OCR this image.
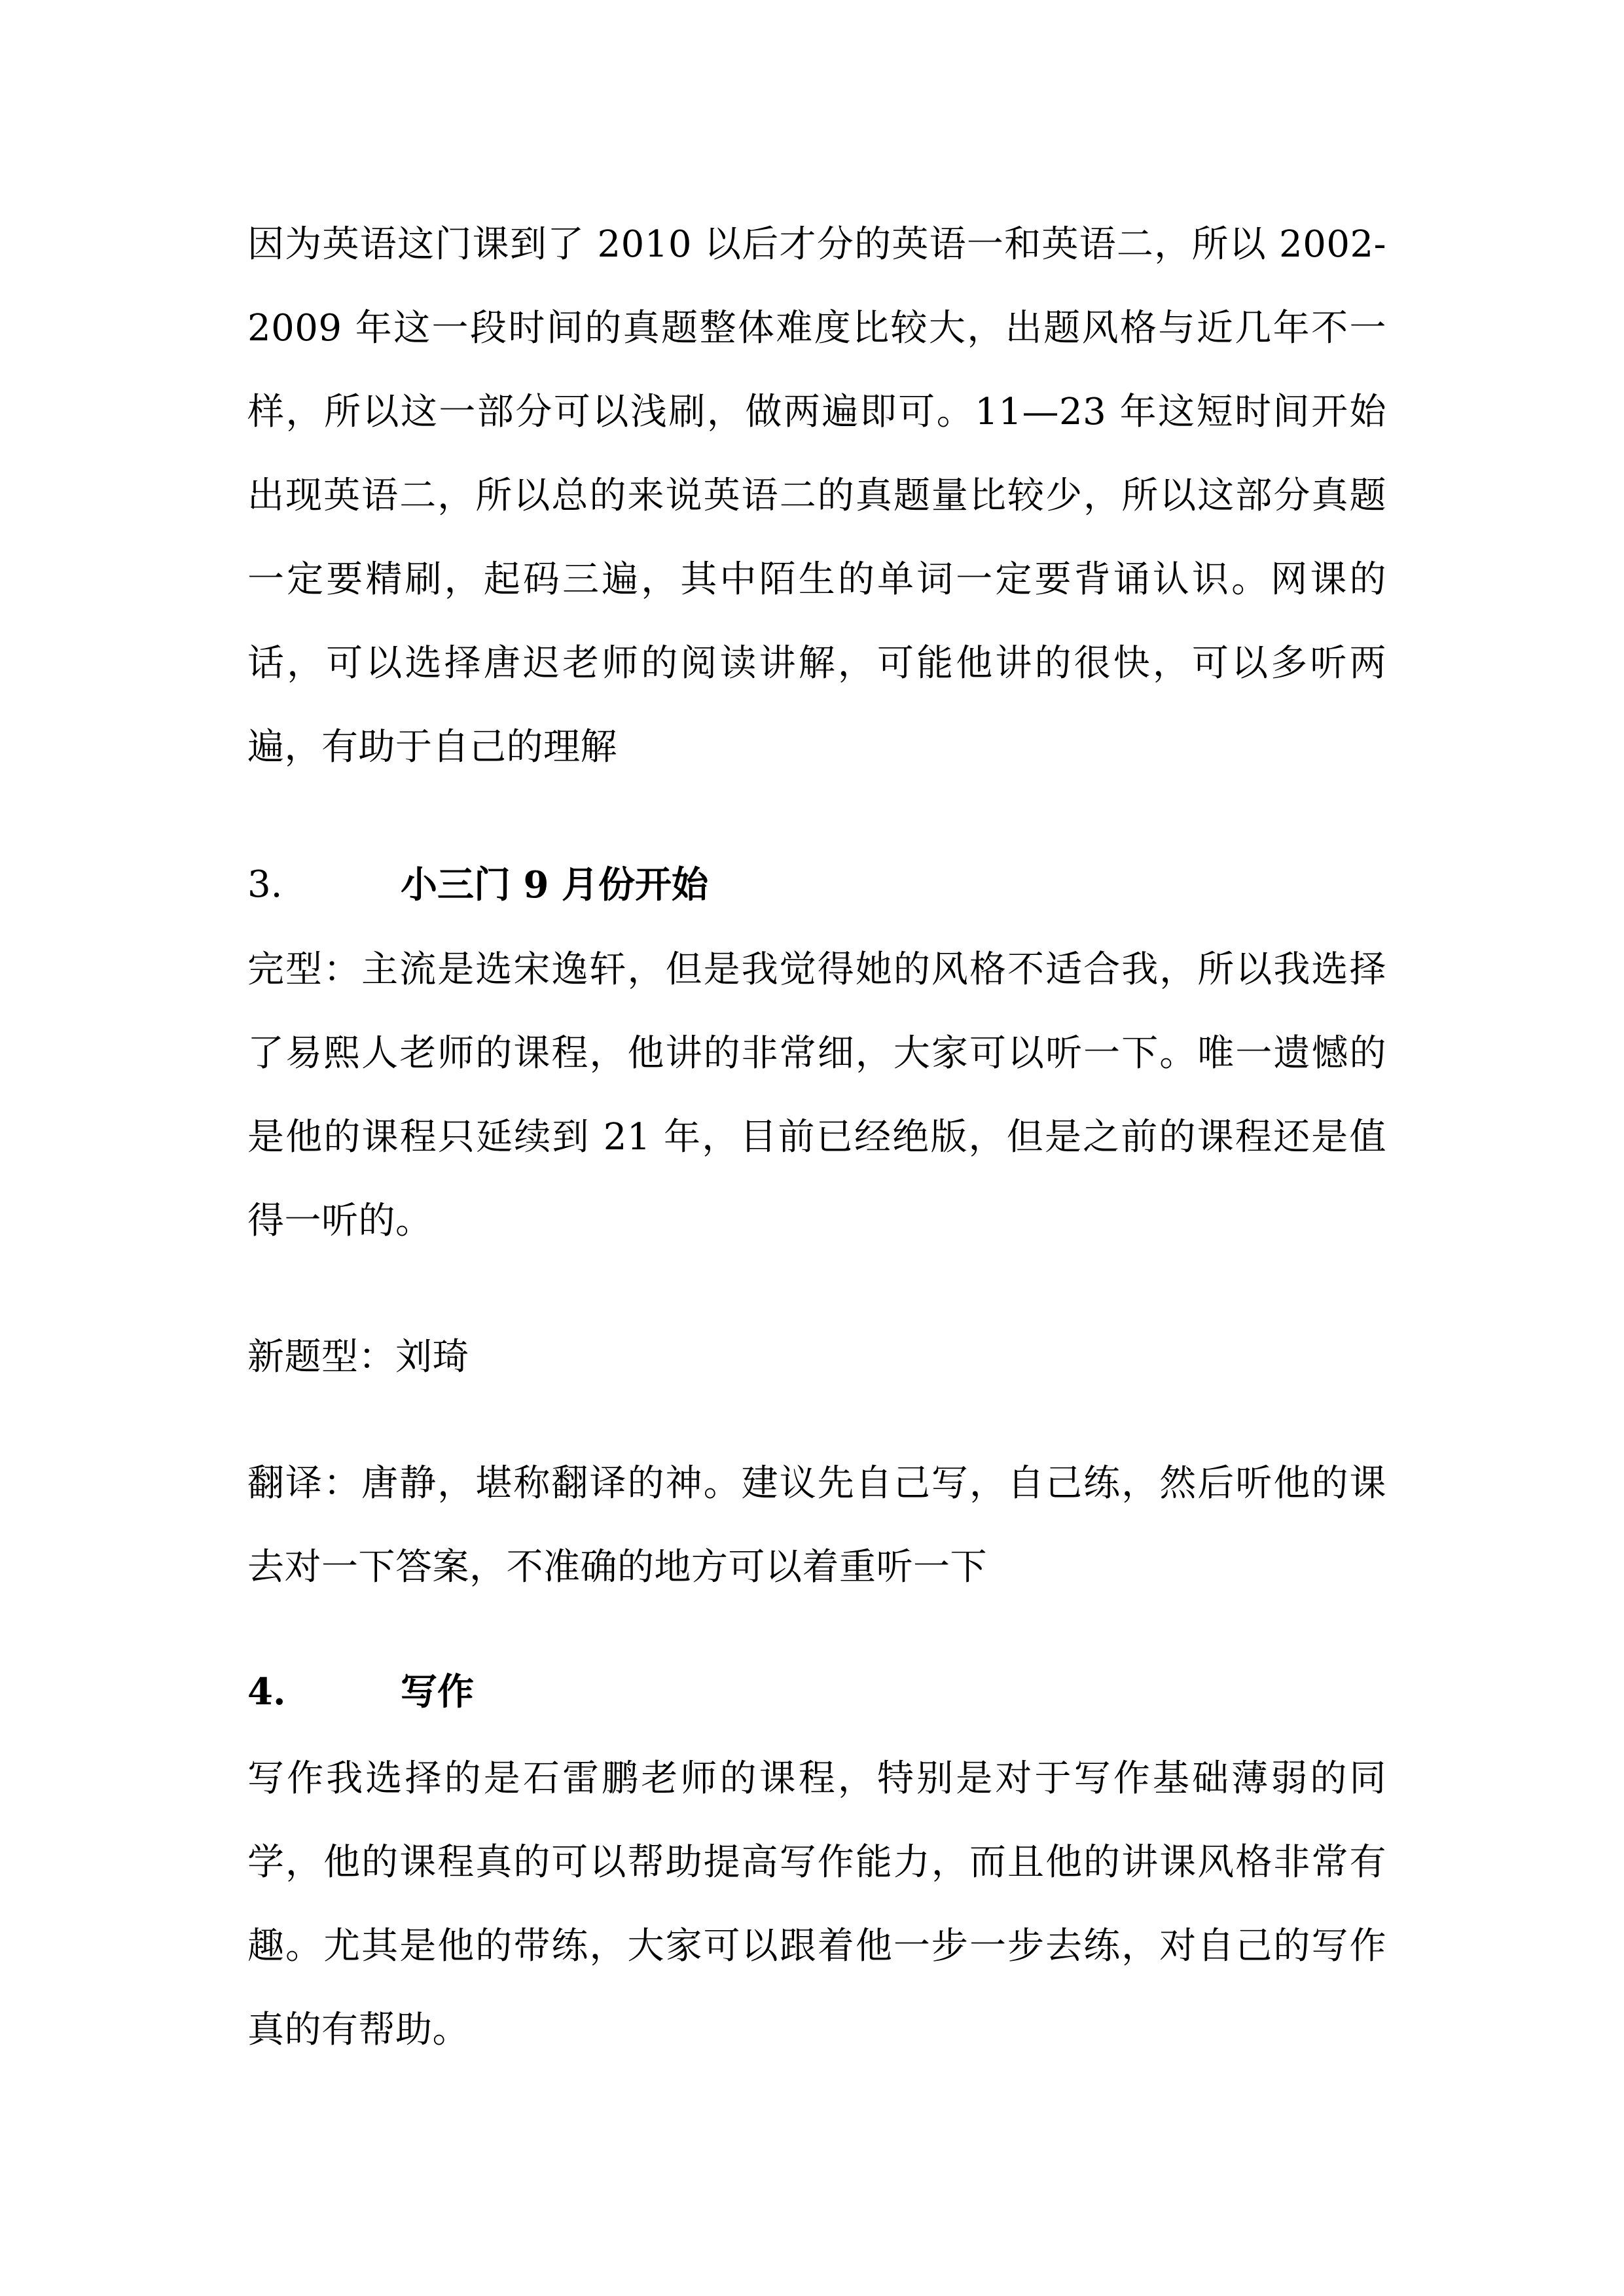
因为英语这门课到了 2010 以后才分的英语一和英语二，所以 2002-2009 年这一段时间的真题整体难度比较大，出题风格与近几年不一样，所以这一部分可以浅刷，做两遍即可。11—23 年这短时间开始出现英语二，所以总的来说英语二的真题量比较少，所以这部分真题一定要精刷，起码三遍，其中陌生的单词一定要背诵认识。网课的话，可以选择唐迟老师的阅读讲解，可能他讲的很快，可以多听两遍，有助于自己的理解

3.	小三门 9 月份开始

完型：主流是选宋逸轩，但是我觉得她的风格不适合我，所以我选择了易熙人老师的课程，他讲的非常细，大家可以听一下。唯一遗憾的是他的课程只延续到 21 年，目前已经绝版，但是之前的课程还是值得一听的。

新题型：刘琦

翻译：唐静，堪称翻译的神。建议先自己写，自己练，然后听他的课去对一下答案，不准确的地方可以着重听一下

4.	写作

写作我选择的是石雷鹏老师的课程，特别是对于写作基础薄弱的同学，他的课程真的可以帮助提高写作能力，而且他的讲课风格非常有趣。尤其是他的带练，大家可以跟着他一步一步去练，对自己的写作真的有帮助。
